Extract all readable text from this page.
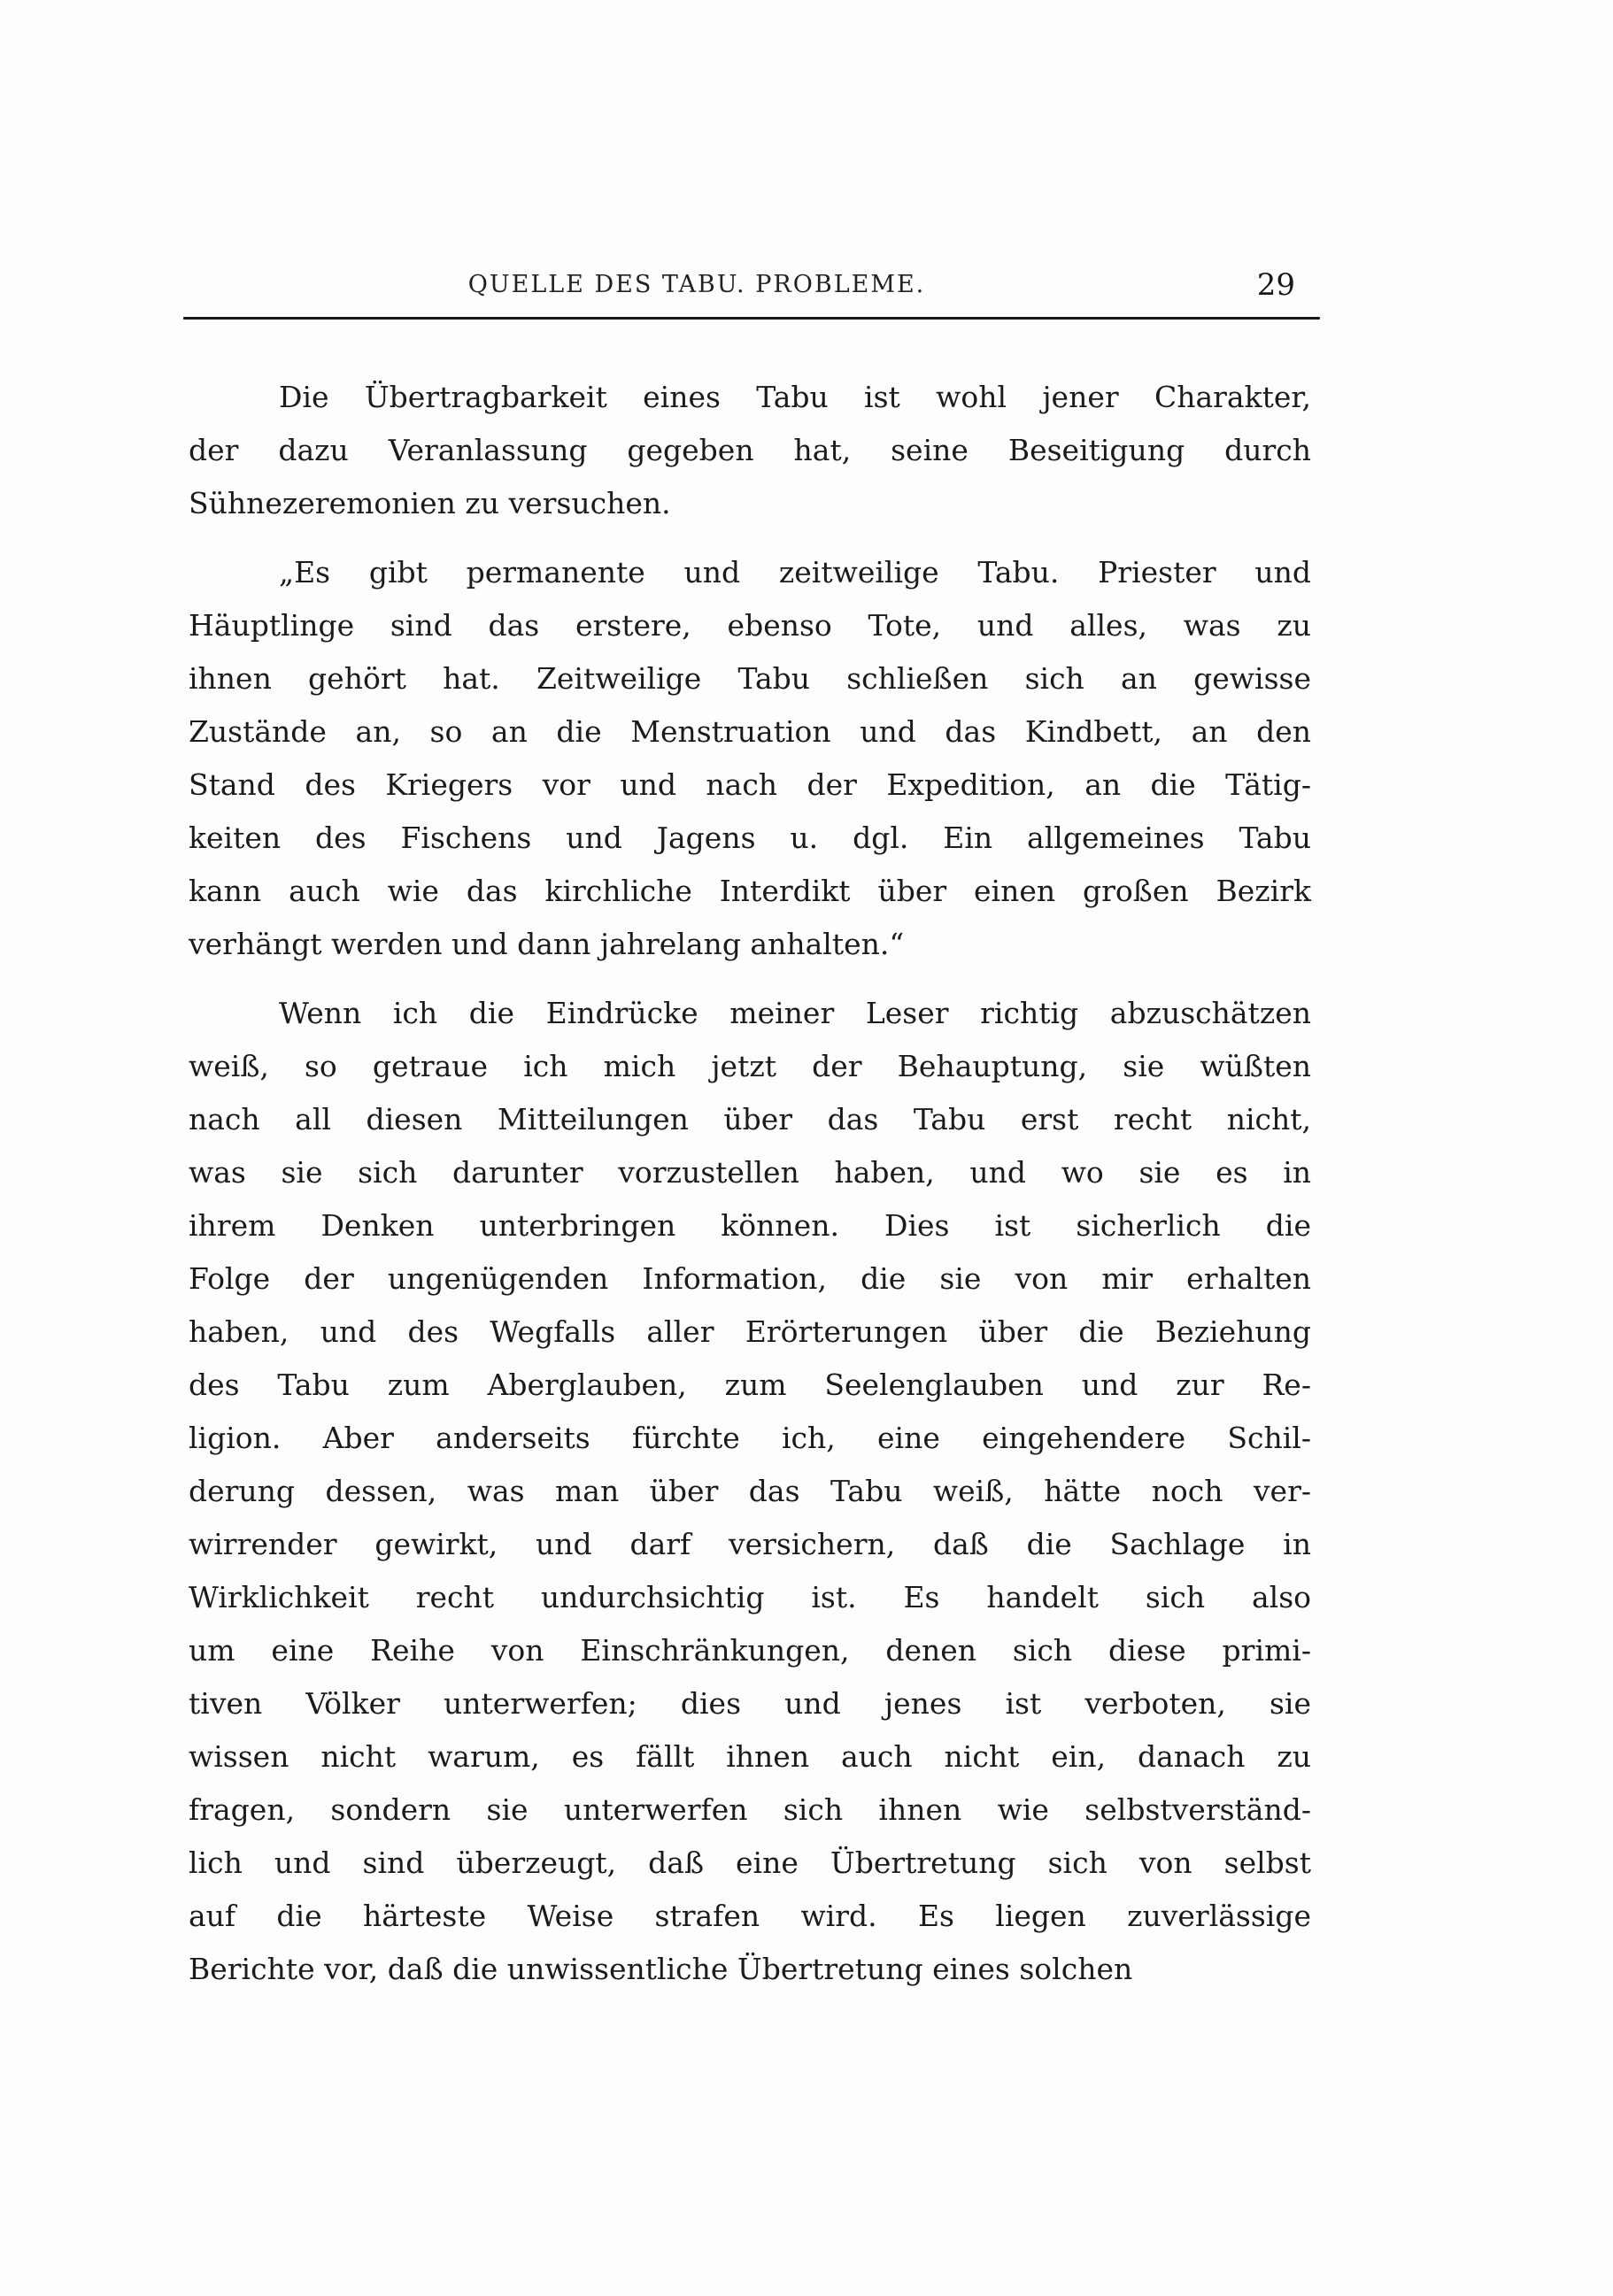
QUELLE DES TABU. PROBLEME.	29
Die Übertragbarkeit eines Tabu ist wohl jener Charakter,
der dazu Veranlassung gegeben hat, seine Beseitigung durch
Sühnezeremonien zu versuchen.
„Es gibt permanente und zeitweilige Tabu. Priester und
Häuptlinge sind das erstere, ebenso Tote, und alles, was zu
ihnen gehört hat. Zeitweilige Tabu schließen sich an gewisse
Zustände an, so an die Menstruation und das Kindbett, an den
Stand des Kriegers vor und nach der Expedition, an die Tätig-
keiten des Fischens und Jagens u. dgl. Ein allgemeines Tabu
kann auch wie das kirchliche Interdikt über einen großen Bezirk
verhängt werden und dann jahrelang anhalten.“
Wenn ich die Eindrücke meiner Leser richtig abzuschätzen
weiß, so getraue ich mich jetzt der Behauptung, sie wüßten
nach all diesen Mitteilungen über das Tabu erst recht nicht,
was sie sich darunter vorzustellen haben, und wo sie es in
ihrem Denken unterbringen können. Dies ist sicherlich die
Folge der ungenügenden Information, die sie von mir erhalten
haben, und des Wegfalls aller Erörterungen über die Beziehung
des Tabu zum Aberglauben, zum Seelenglauben und zur Re-
ligion. Aber anderseits fürchte ich, eine eingehendere Schil-
derung dessen, was man über das Tabu weiß, hätte noch ver-
wirrender gewirkt, und darf versichern, daß die Sachlage in
Wirklichkeit recht undurchsichtig ist. Es handelt sich also
um eine Reihe von Einschränkungen, denen sich diese primi-
tiven Völker unterwerfen; dies und jenes ist verboten, sie
wissen nicht warum, es fällt ihnen auch nicht ein, danach zu
fragen, sondern sie unterwerfen sich ihnen wie selbstverständ-
lich und sind überzeugt, daß eine Übertretung sich von selbst
auf die härteste Weise strafen wird. Es liegen zuverlässige
Berichte vor, daß die unwissentliche Übertretung eines solchen
